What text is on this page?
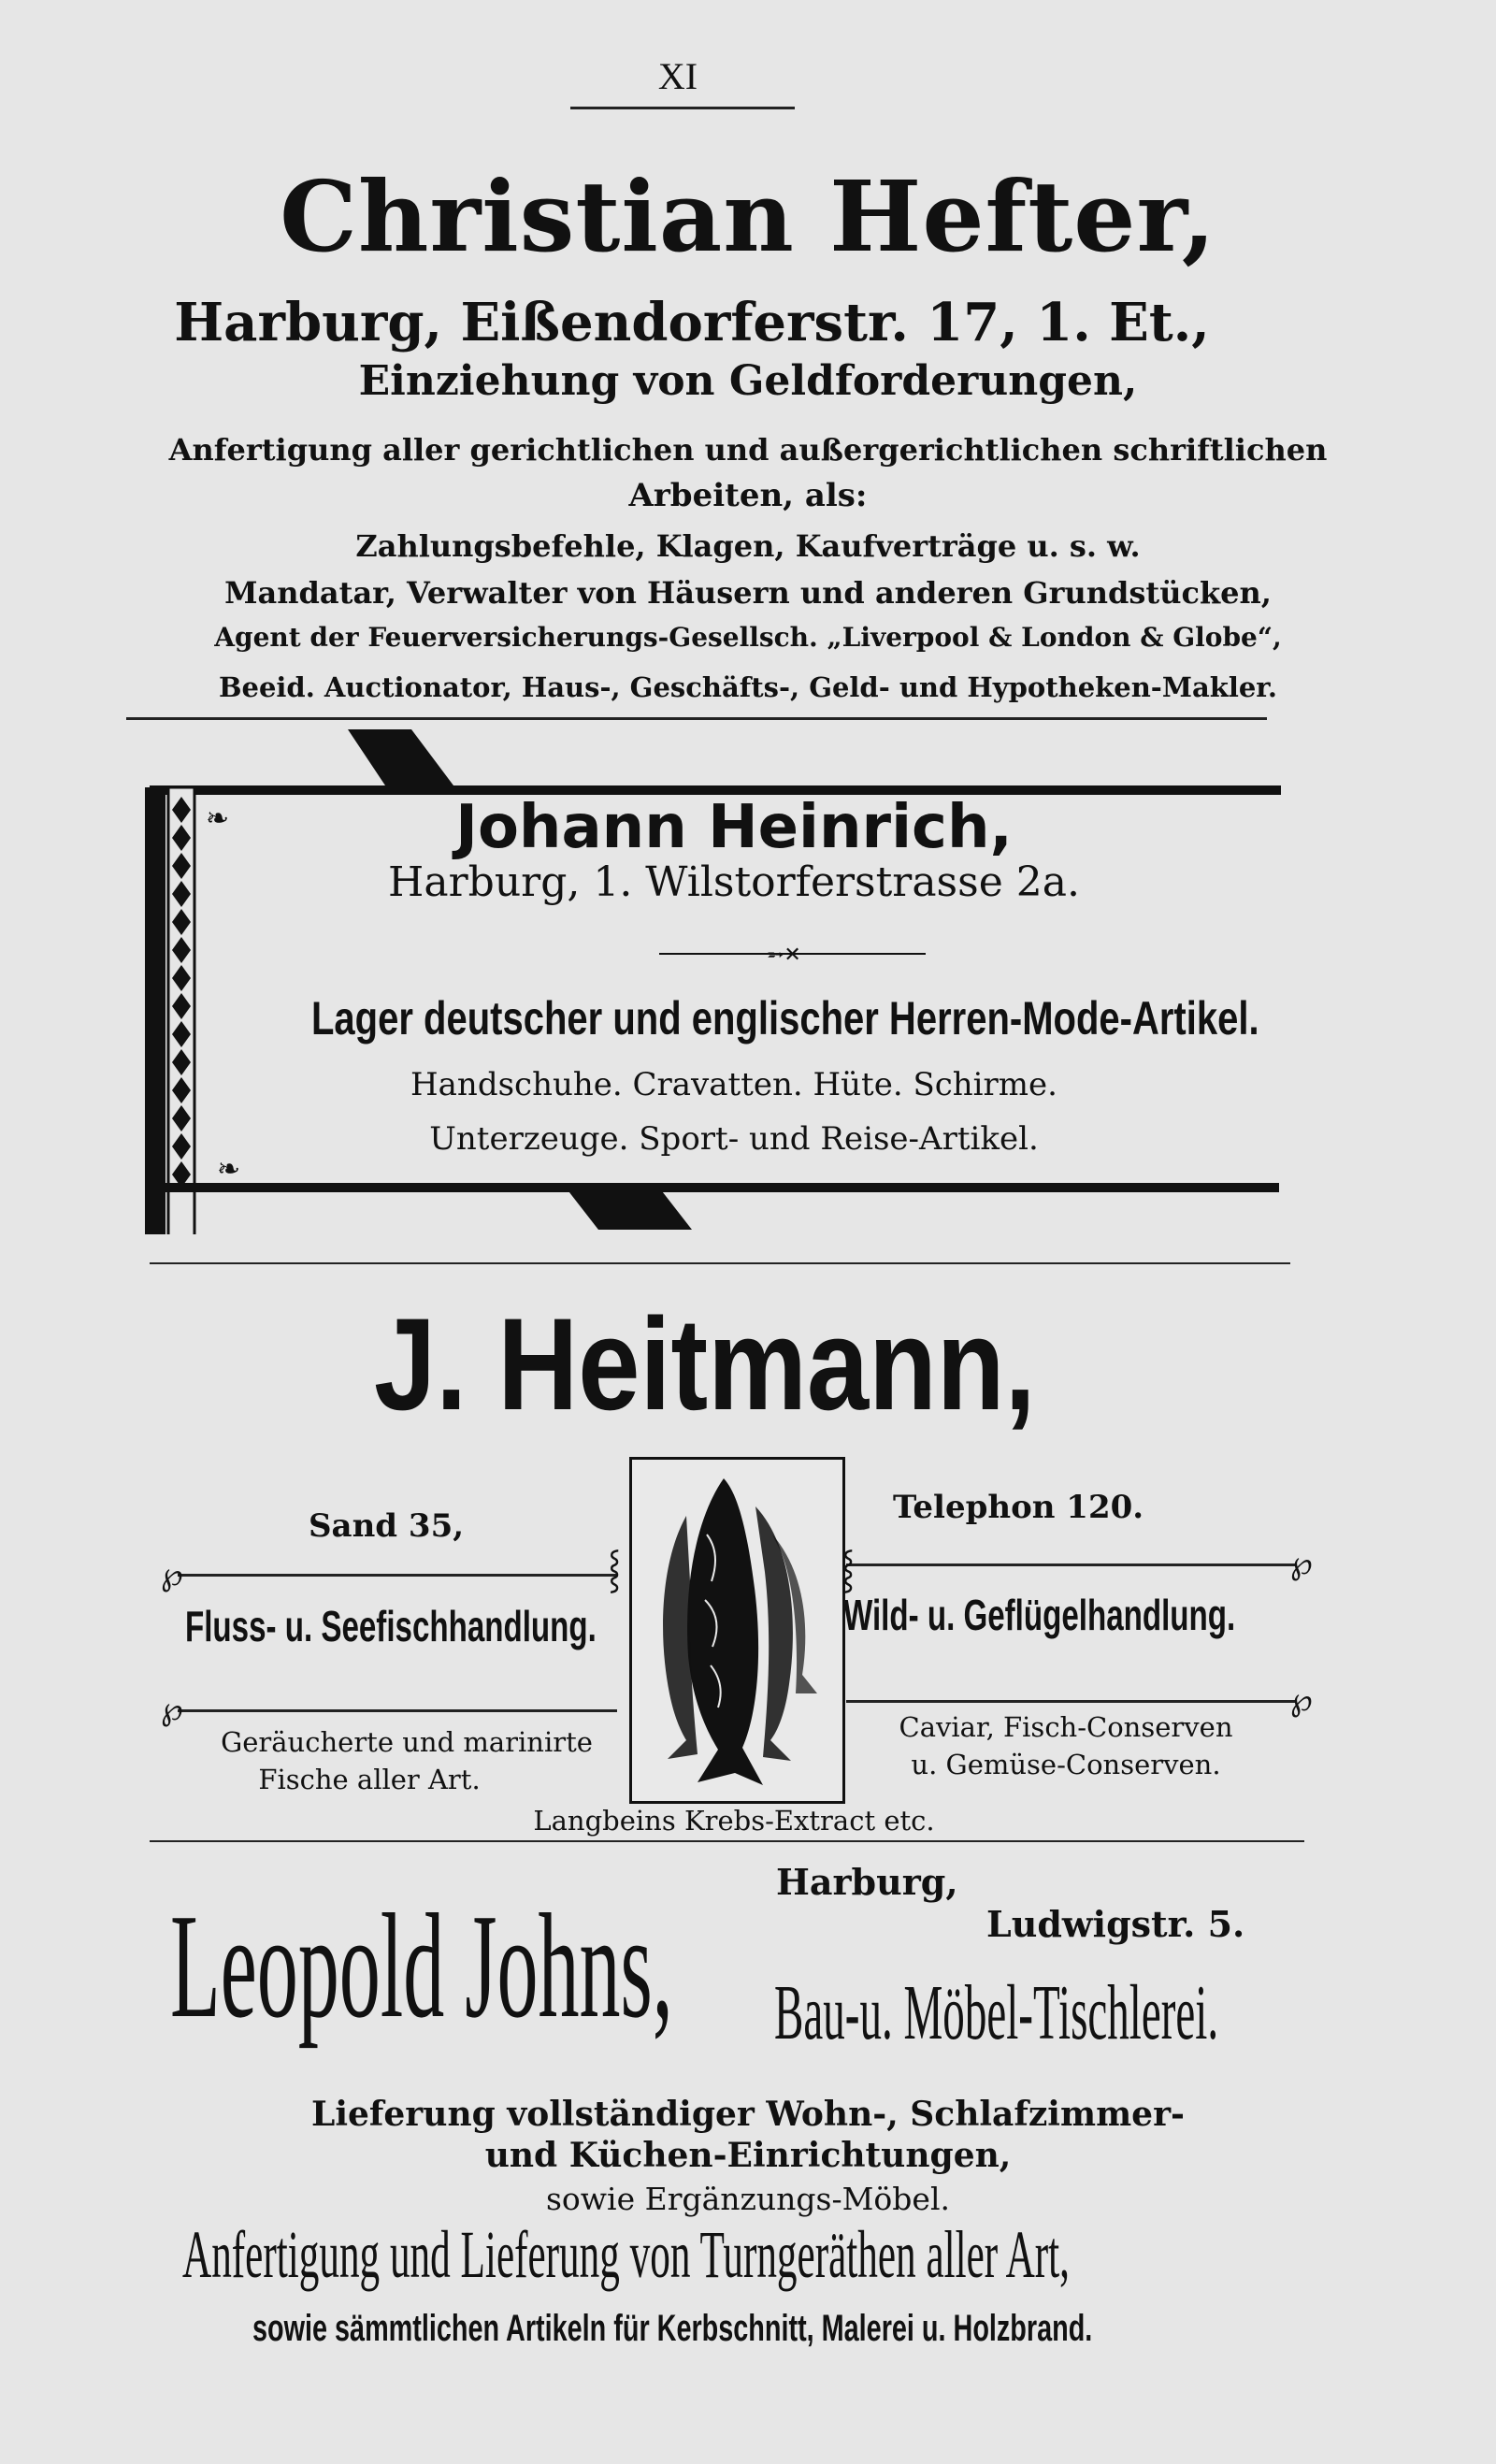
XI
Christian Hefter,
Harburg, Eißendorferstr. 17, 1. Et.,
Einziehung von Geldforderungen,
Anfertigung aller gerichtlichen und außergerichtlichen schriftlichen
Arbeiten, als:
Zahlungsbefehle, Klagen, Kaufverträge u. s. w.
Mandatar, Verwalter von Häusern und anderen Grundstücken,
Agent der Feuerversicherungs-Gesellsch. „Liverpool & London & Globe“,
Beeid. Auctionator, Haus-, Geschäfts-, Geld- und Hypotheken-Makler.
❧
❧
➵✕
Johann Heinrich,
Harburg, 1. Wilstorferstrasse 2a.
Lager deutscher und englischer Herren-Mode-Artikel.
Handschuhe. Cravatten. Hüte. Schirme.
Unterzeuge. Sport- und Reise-Artikel.
J. Heitmann,
Sand 35,	Telephon 120.
℘	℘
℘	℘
⸾	⸾
Fluss- u. Seefischhandlung.	Wild- u. Geflügelhandlung.
Geräucherte und marinirte
Fische aller Art.
Caviar, Fisch-Conserven
u. Gemüse-Conserven.
Langbeins Krebs-Extract etc.
Harburg,
Ludwigstr. 5.
Leopold Johns, Bau-u. Möbel-Tischlerei.
Lieferung vollständiger Wohn-, Schlafzimmer-
und Küchen-Einrichtungen,
sowie Ergänzungs-Möbel.
Anfertigung und Lieferung von Turngeräthen aller Art,
sowie sämmtlichen Artikeln für Kerbschnitt, Malerei u. Holzbrand.
